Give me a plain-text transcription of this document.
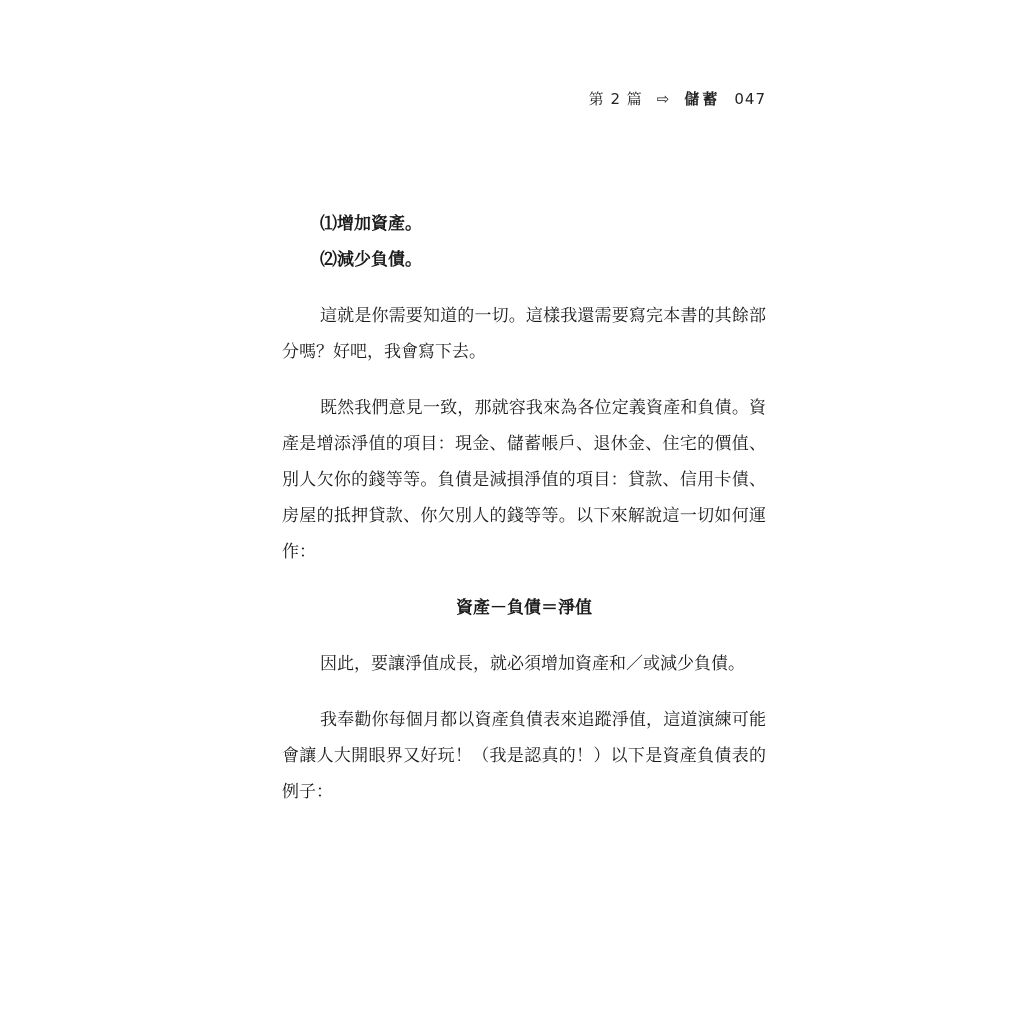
第 2 篇 ⇨ 儲蓄 047
⑴增加資產。
⑵減少負債。

這就是你需要知道的一切。這樣我還需要寫完本書的其餘部分嗎？好吧，我會寫下去。

既然我們意見一致，那就容我來為各位定義資產和負債。資產是增添淨值的項目：現金、儲蓄帳戶、退休金、住宅的價值、別人欠你的錢等等。負債是減損淨值的項目：貸款、信用卡債、房屋的抵押貸款、你欠別人的錢等等。以下來解說這一切如何運作：

資產－負債＝淨值

因此，要讓淨值成長，就必須增加資產和／或減少負債。

我奉勸你每個月都以資產負債表來追蹤淨值，這道演練可能會讓人大開眼界又好玩！（我是認真的！）以下是資產負債表的例子：
